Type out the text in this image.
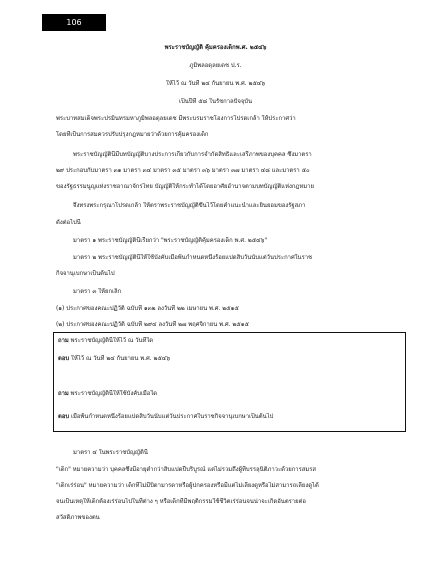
106
พระราชบัญญัติ คุ้มครองเด็กพ.ศ. ๒๕๔๖
ภูมิพลอดุลยเดช ป.ร.
ให้ไว้ ณ วันที่ ๒๔ กันยายน พ.ศ. ๒๕๔๖
เป็นปีที่ ๕๘ ในรัชกาลปัจจุบัน
พระบาทสมเด็จพระปรมินทรมหาภูมิพลอดุลยเดช มีพระบรมราชโองการโปรดเกล้า ให้ประกาศว่า
โดยที่เป็นการสมควรปรับปรุงกฎหมายว่าด้วยการคุ้มครองเด็ก
พระราชบัญญัตินี้มีบทบัญญัติบางประการเกี่ยวกับการจำกัดสิทธิและเสรีภาพของบุคคล ซึ่งมาตรา
๒๙ ประกอบกับมาตรา ๓๑ มาตรา ๓๔ มาตรา ๓๕ มาตรา ๓๖ มาตรา ๓๗ มาตรา ๔๘ และมาตรา ๕๐
ของรัฐธรรมนูญแห่งราชอาณาจักรไทย บัญญัติให้กระทำได้โดยอาศัยอำนาจตามบทบัญญัติแห่งกฎหมาย
จึงทรงพระกรุณาโปรดเกล้า ให้ตราพระราชบัญญัติขึ้นไว้โดยคำแนะนำและยินยอมของรัฐสภา
ดังต่อไปนี้
มาตรา ๑ พระราชบัญญัตินี้เรียกว่า "พระราชบัญญัติคุ้มครองเด็ก พ.ศ. ๒๕๔๖"
มาตรา ๒ พระราชบัญญัตินี้ให้ใช้บังคับเมื่อพ้นกำหนดหนึ่งร้อยแปดสิบวันนับแต่วันประกาศในราช
กิจจานุเบกษาเป็นต้นไป
มาตรา ๓ ให้ยกเลิก
(๑) ประกาศของคณะปฏิวัติ ฉบับที่ ๑๓๒ ลงวันที่ ๒๒ เมษายน พ.ศ. ๒๕๑๕
(๒) ประกาศของคณะปฏิวัติ ฉบับที่ ๒๙๔ ลงวันที่ ๒๗ พฤศจิกายน พ.ศ. ๒๕๑๕
ถาม พระราชบัญญัตินี้ให้ไว้ ณ วันที่ใด
ตอบ ให้ไว้ ณ วันที่ ๒๔ กันยายน พ.ศ. ๒๕๔๖
ถาม พระราชบัญญัตินี้ให้ใช้บังคับเมื่อใด
ตอบ เมื่อพ้นกำหนดหนึ่งร้อยแปดสิบวันนับแต่วันประกาศในราชกิจจานุเบกษาเป็นต้นไป
มาตรา ๔ ในพระราชบัญญัตินี้
"เด็ก" หมายความว่า บุคคลซึ่งมีอายุต่ำกว่าสิบแปดปีบริบูรณ์ แต่ไม่รวมถึงผู้ที่บรรลุนิติภาวะด้วยการสมรส
"เด็กเร่ร่อน" หมายความว่า เด็กที่ไม่มีบิดามารดาหรือผู้ปกครองหรือมีแต่ไม่เลี้ยงดูหรือไม่สามารถเลี้ยงดูได้
จนเป็นเหตุให้เด็กต้องเร่ร่อนไปในที่ต่าง ๆ หรือเด็กที่มีพฤติกรรมใช้ชีวิตเร่ร่อนจนน่าจะเกิดอันตรายต่อ
สวัสดิภาพของตน
